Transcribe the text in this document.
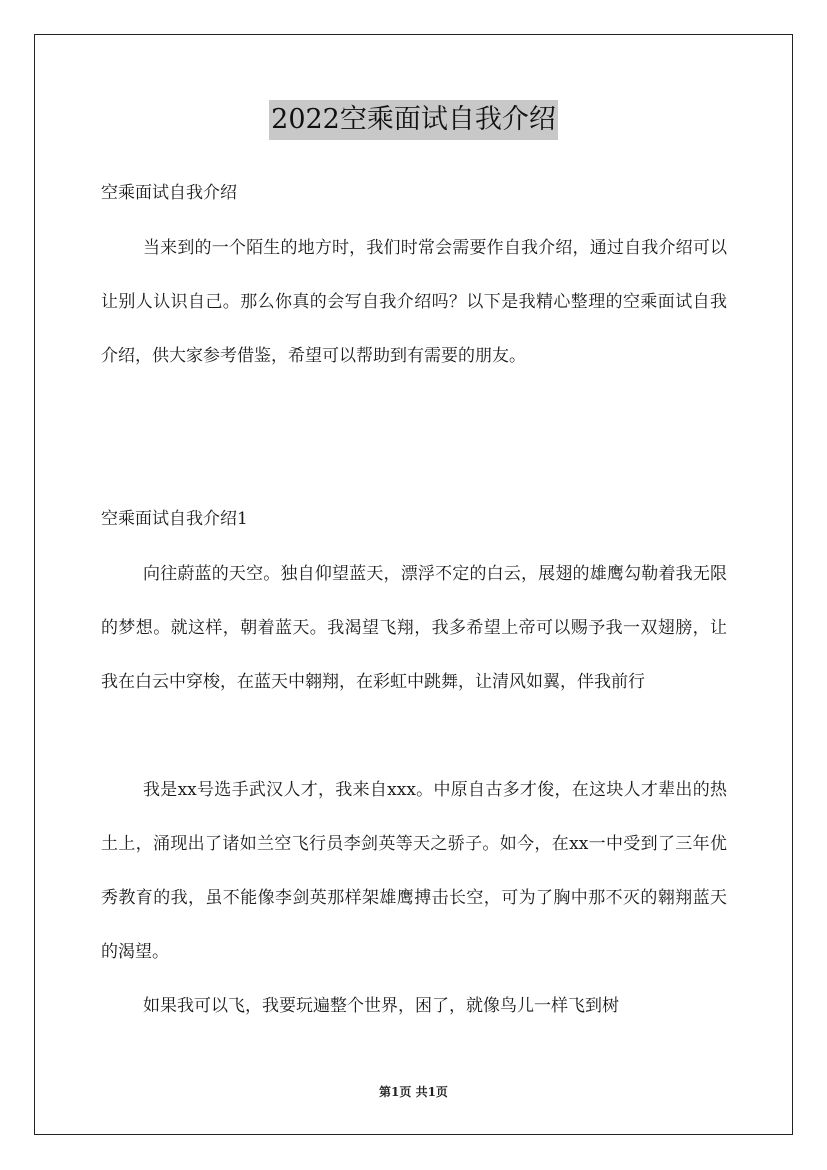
2022空乘面试自我介绍
空乘面试自我介绍

当来到的一个陌生的地方时，我们时常会需要作自我介绍，通过自我介绍可以让别人认识自己。那么你真的会写自我介绍吗？以下是我精心整理的空乘面试自我介绍，供大家参考借鉴，希望可以帮助到有需要的朋友。

空乘面试自我介绍1

向往蔚蓝的天空。独自仰望蓝天，漂浮不定的白云，展翅的雄鹰勾勒着我无限的梦想。就这样，朝着蓝天。我渴望飞翔，我多希望上帝可以赐予我一双翅膀，让我在白云中穿梭，在蓝天中翱翔，在彩虹中跳舞，让清风如翼，伴我前行

我是xx号选手武汉人才，我来自xxx。中原自古多才俊，在这块人才辈出的热土上，涌现出了诸如兰空飞行员李剑英等天之骄子。如今，在xx一中受到了三年优秀教育的我，虽不能像李剑英那样架雄鹰搏击长空，可为了胸中那不灭的翱翔蓝天的渴望。

如果我可以飞，我要玩遍整个世界，困了，就像鸟儿一样飞到树

第1页 共1页
